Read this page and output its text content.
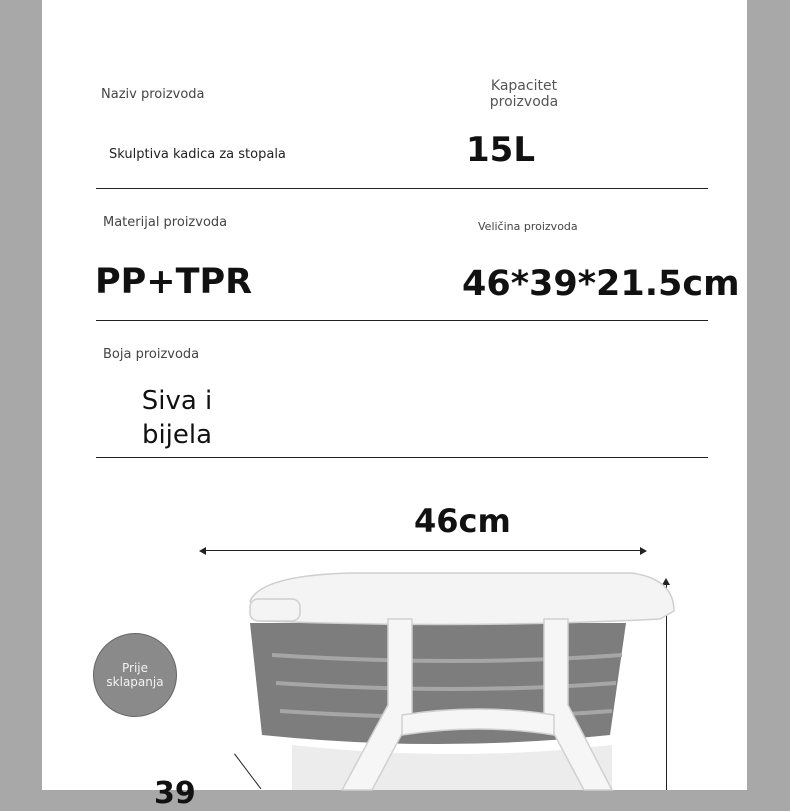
Naziv proizvoda
Skulptiva kadica za stopala
Kapacitet proizvoda
15L
Materijal proizvoda
PP+TPR
Veličina proizvoda
46*39*21.5cm
Boja proizvoda
Siva i bijela
46cm
39
Prije sklapanja
